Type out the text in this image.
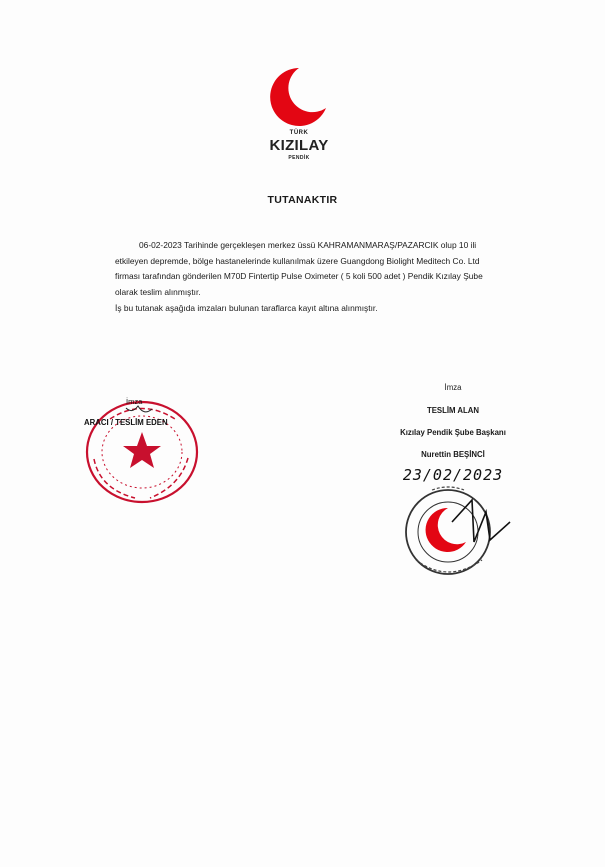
TÜRK
KIZILAY
PENDİK
TUTANAKTIR
06-02-2023 Tarihinde gerçekleşen merkez üssü KAHRAMANMARAŞ/PAZARCIK olup 10 ili
etkileyen depremde, bölge hastanelerinde kullanılmak üzere Guangdong Biolight Meditech Co. Ltd
firması tarafından gönderilen M70D Fintertip Pulse Oximeter ( 5 koli 500 adet ) Pendik Kızılay Şube
olarak teslim alınmıştır.
İş bu tutanak aşağıda imzaları bulunan taraflarca kayıt altına alınmıştır.
İmza
ARACI / TESLİM EDEN
İmza
TESLİM ALAN
Kızılay Pendik Şube Başkanı
Nurettin BEŞİNCİ
23/02/2023
